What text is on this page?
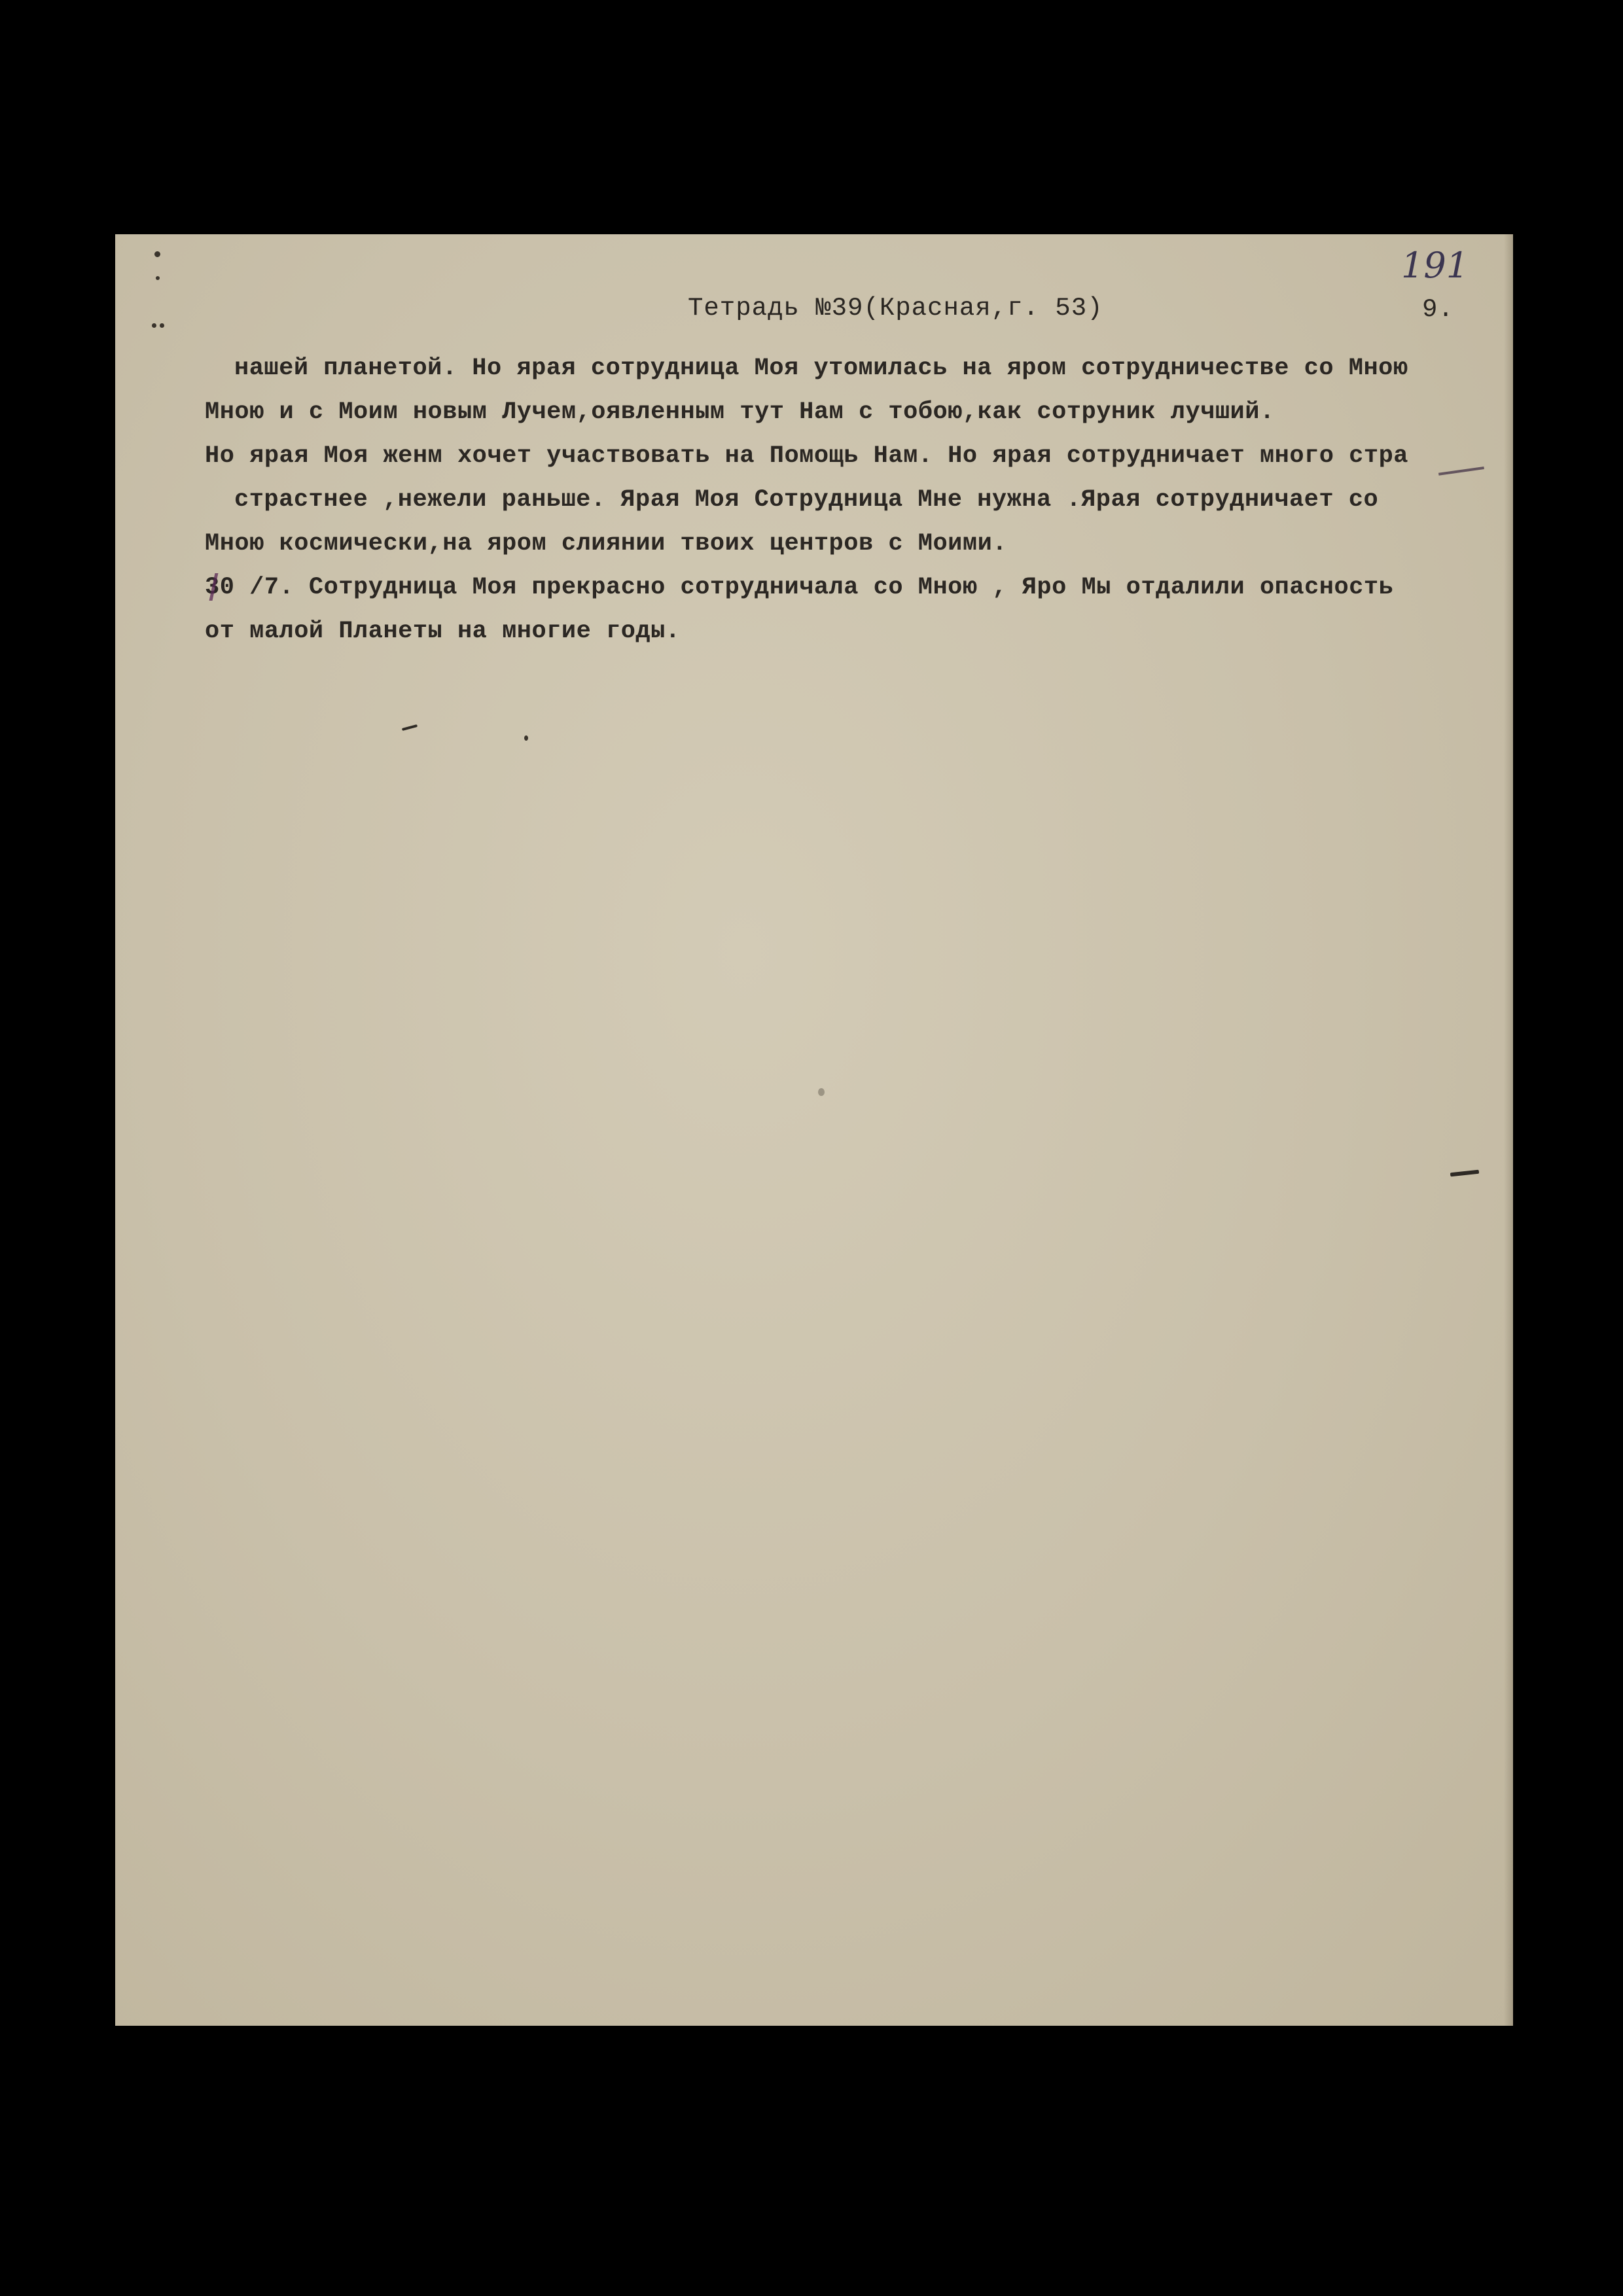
191
Тетрадь №39(Красная,г. 53)	9.
нашей планетой. Но ярая сотрудница Моя утомилась на яром сотрудничестве со Мною
Мною и с Моим новым Лучем,оявленным тут Нам с тобою,как сотруник лучший.
Но ярая Моя женм хочет участвовать на Помощь Нам. Но ярая сотрудничает много стра
страстнее ,нежели раньше. Ярая Моя Сотрудница Мне нужна .Ярая сотрудничает со
Мною космически,на яром слиянии твоих центров с Моими.
30 /7. Сотрудница Моя прекрасно сотрудничала со Мною , Яро Мы отдалили опасность
от малой Планеты на многие годы.
